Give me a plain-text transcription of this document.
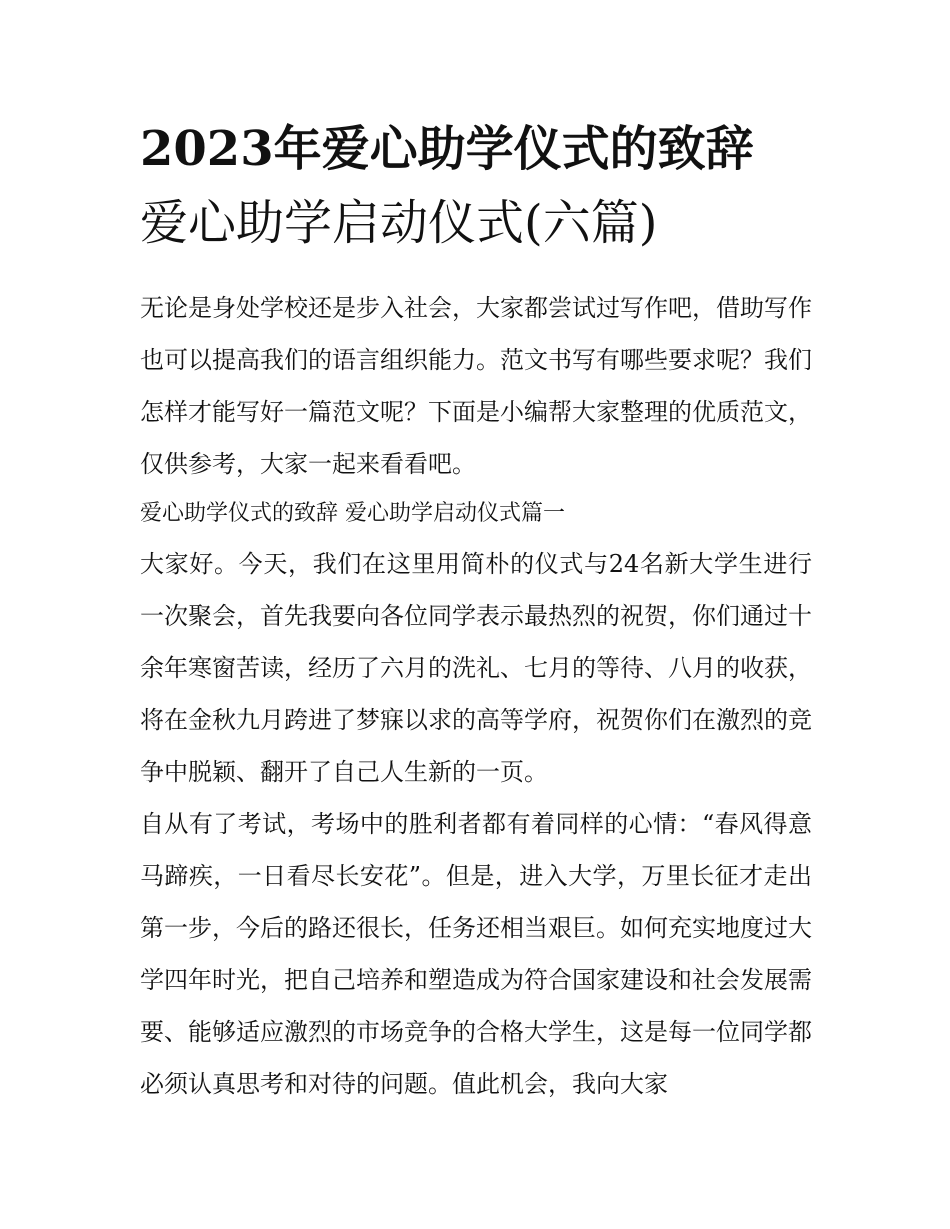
2023年爱心助学仪式的致辞
爱心助学启动仪式(六篇)

无论是身处学校还是步入社会，大家都尝试过写作吧，借助写作也可以提高我们的语言组织能力。范文书写有哪些要求呢？我们怎样才能写好一篇范文呢？下面是小编帮大家整理的优质范文，仅供参考，大家一起来看看吧。

爱心助学仪式的致辞 爱心助学启动仪式篇一

大家好。今天，我们在这里用简朴的仪式与24名新大学生进行一次聚会，首先我要向各位同学表示最热烈的祝贺，你们通过十余年寒窗苦读，经历了六月的洗礼、七月的等待、八月的收获，将在金秋九月跨进了梦寐以求的高等学府，祝贺你们在激烈的竞争中脱颖、翻开了自己人生新的一页。

自从有了考试，考场中的胜利者都有着同样的心情：“春风得意马蹄疾，一日看尽长安花”。但是，进入大学，万里长征才走出第一步，今后的路还很长，任务还相当艰巨。如何充实地度过大学四年时光，把自己培养和塑造成为符合国家建设和社会发展需要、能够适应激烈的市场竞争的合格大学生，这是每一位同学都必须认真思考和对待的问题。值此机会，我向大家
